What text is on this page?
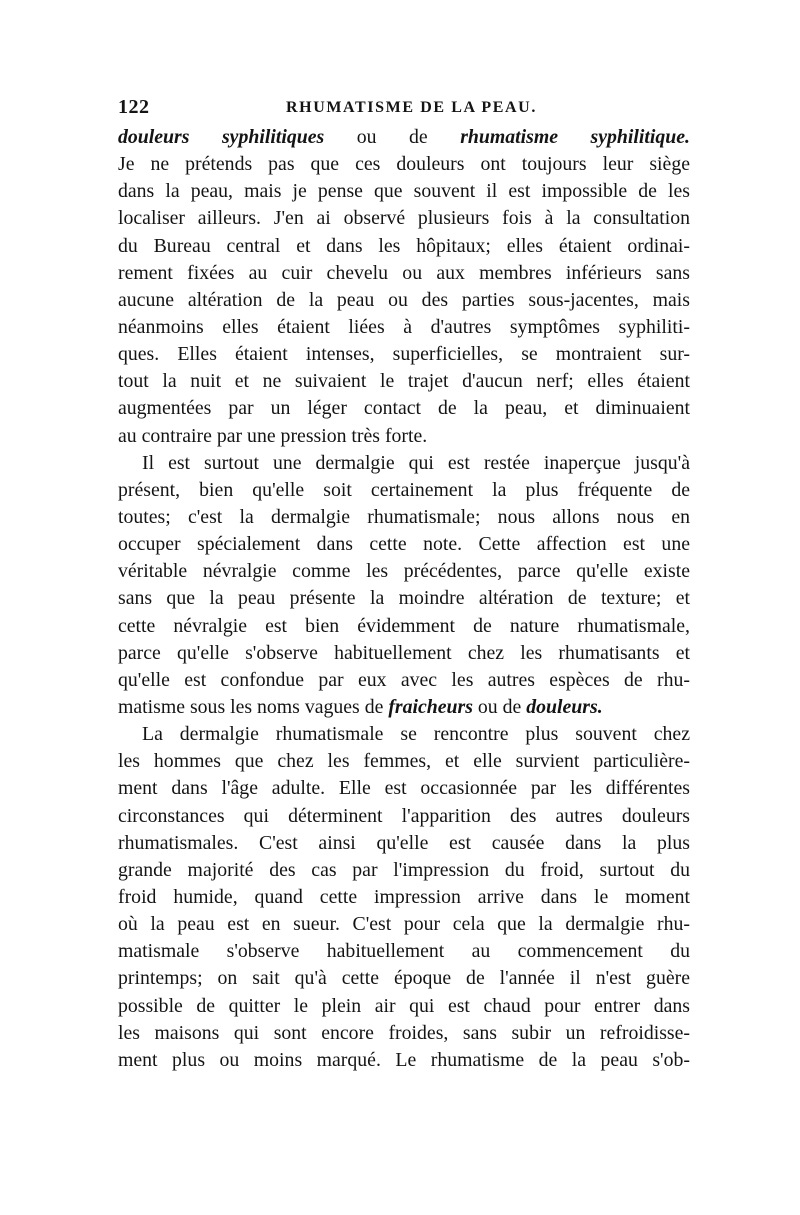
122	RHUMATISME DE LA PEAU.
douleurs syphilitiques ou de rhumatisme syphilitique.
Je ne prétends pas que ces douleurs ont toujours leur siège
dans la peau, mais je pense que souvent il est impossible de les
localiser ailleurs. J'en ai observé plusieurs fois à la consultation
du Bureau central et dans les hôpitaux; elles étaient ordinai-
rement fixées au cuir chevelu ou aux membres inférieurs sans
aucune altération de la peau ou des parties sous-jacentes, mais
néanmoins elles étaient liées à d'autres symptômes syphiliti-
ques. Elles étaient intenses, superficielles, se montraient sur-
tout la nuit et ne suivaient le trajet d'aucun nerf; elles étaient
augmentées par un léger contact de la peau, et diminuaient
au contraire par une pression très forte.
Il est surtout une dermalgie qui est restée inaperçue jusqu'à
présent, bien qu'elle soit certainement la plus fréquente de
toutes; c'est la dermalgie rhumatismale; nous allons nous en
occuper spécialement dans cette note. Cette affection est une
véritable névralgie comme les précédentes, parce qu'elle existe
sans que la peau présente la moindre altération de texture; et
cette névralgie est bien évidemment de nature rhumatismale,
parce qu'elle s'observe habituellement chez les rhumatisants et
qu'elle est confondue par eux avec les autres espèces de rhu-
matisme sous les noms vagues de fraicheurs ou de douleurs.
La dermalgie rhumatismale se rencontre plus souvent chez
les hommes que chez les femmes, et elle survient particulière-
ment dans l'âge adulte. Elle est occasionnée par les différentes
circonstances qui déterminent l'apparition des autres douleurs
rhumatismales. C'est ainsi qu'elle est causée dans la plus
grande majorité des cas par l'impression du froid, surtout du
froid humide, quand cette impression arrive dans le moment
où la peau est en sueur. C'est pour cela que la dermalgie rhu-
matismale s'observe habituellement au commencement du
printemps; on sait qu'à cette époque de l'année il n'est guère
possible de quitter le plein air qui est chaud pour entrer dans
les maisons qui sont encore froides, sans subir un refroidisse-
ment plus ou moins marqué. Le rhumatisme de la peau s'ob-
